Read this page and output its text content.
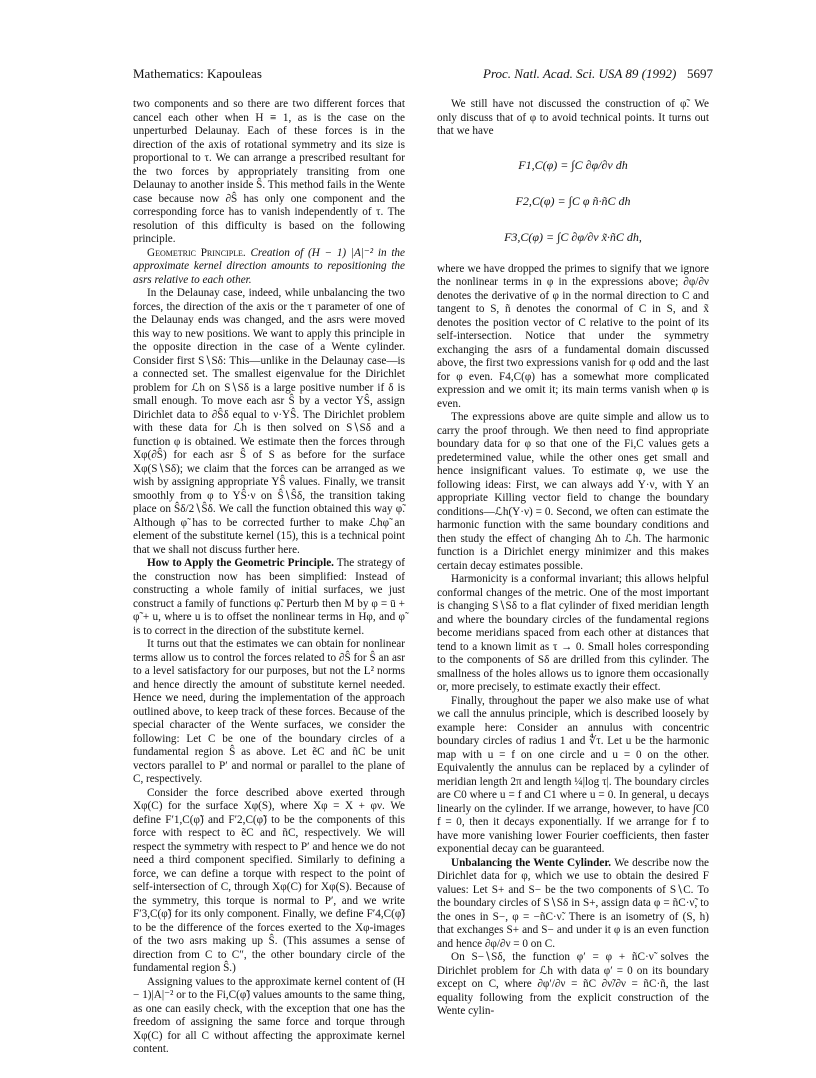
Mathematics: Kapouleas	Proc. Natl. Acad. Sci. USA 89 (1992) 5697

two components and so there are two different forces that cancel each other when H ≡ 1, as is the case on the unperturbed Delaunay. Each of these forces is in the direction of the axis of rotational symmetry and its size is proportional to τ. We can arrange a prescribed resultant for the two forces by appropriately transiting from one Delaunay to another inside Ŝ. This method fails in the Wente case because now ∂Ŝ has only one component and the corresponding force has to vanish independently of τ. The resolution of this difficulty is based on the following principle.

Geometric Principle. Creation of (H − 1) |A|⁻² in the approximate kernel direction amounts to repositioning the asrs relative to each other.

In the Delaunay case, indeed, while unbalancing the two forces, the direction of the axis or the τ parameter of one of the Delaunay ends was changed, and the asrs were moved this way to new positions. We want to apply this principle in the opposite direction in the case of a Wente cylinder. Consider first S∖Sδ: This—unlike in the Delaunay case—is a connected set. The smallest eigenvalue for the Dirichlet problem for ℒh on S∖Sδ is a large positive number if δ is small enough. To move each asr Ŝ by a vector YŜ, assign Dirichlet data to ∂Ŝδ equal to ν·YŜ. The Dirichlet problem with these data for ℒh is then solved on S∖Sδ and a function φ is obtained. We estimate then the forces through Xφ(∂Ŝ) for each asr Ŝ of S as before for the surface Xφ(S∖Sδ); we claim that the forces can be arranged as we wish by assigning appropriate YŜ values. Finally, we transit smoothly from φ to YŜ·ν on Ŝ∖Ŝδ, the transition taking place on Ŝδ/2∖Ŝδ. We call the function obtained this way φ̃. Although φ̃ has to be corrected further to make ℒhφ̃ an element of the substitute kernel (15), this is a technical point that we shall not discuss further here.

How to Apply the Geometric Principle. The strategy of the construction now has been simplified: Instead of constructing a whole family of initial surfaces, we just construct a family of functions φ̃. Perturb then M by φ = ū + φ̃ + u, where u is to offset the nonlinear terms in Hφ, and φ̃ is to correct in the direction of the substitute kernel.

It turns out that the estimates we can obtain for nonlinear terms allow us to control the forces related to ∂Ŝ for Ŝ an asr to a level satisfactory for our purposes, but not the L² norms and hence directly the amount of substitute kernel needed. Hence we need, during the implementation of the approach outlined above, to keep track of these forces. Because of the special character of the Wente surfaces, we consider the following: Let C be one of the boundary circles of a fundamental region Ŝ as above. Let ẽC and ñC be unit vectors parallel to P′ and normal or parallel to the plane of C, respectively.

Consider the force described above exerted through Xφ(C) for the surface Xφ(S), where Xφ = X + φν. We define F′1,C(φ̃) and F′2,C(φ̃) to be the components of this force with respect to ẽC and ñC, respectively. We will respect the symmetry with respect to P′ and hence we do not need a third component specified. Similarly to defining a force, we can define a torque with respect to the point of self-intersection of C, through Xφ(C) for Xφ(S). Because of the symmetry, this torque is normal to P′, and we write F′3,C(φ̃) for its only component. Finally, we define F′4,C(φ̃) to be the difference of the forces exerted to the Xφ-images of the two asrs making up Ŝ. (This assumes a sense of direction from C to C″, the other boundary circle of the fundamental region Ŝ.)

Assigning values to the approximate kernel content of (H − 1)|A|⁻² or to the Fi,C(φ̃) values amounts to the same thing, as one can easily check, with the exception that one has the freedom of assigning the same force and torque through Xφ(C) for all C without affecting the approximate kernel content.

We still have not discussed the construction of φ̃. We only discuss that of φ to avoid technical points. It turns out that we have

F1,C(φ) = ∫C ∂φ/∂ν dh
F2,C(φ) = ∫C φ ñ·ñC dh
F3,C(φ) = ∫C ∂φ/∂ν x̃·ñC dh,

where we have dropped the primes to signify that we ignore the nonlinear terms in φ in the expressions above; ∂φ/∂ν denotes the derivative of φ in the normal direction to C and tangent to S, ñ denotes the conormal of C in S, and x̃ denotes the position vector of C relative to the point of its self-intersection. Notice that under the symmetry exchanging the asrs of a fundamental domain discussed above, the first two expressions vanish for φ odd and the last for φ even. F4,C(φ) has a somewhat more complicated expression and we omit it; its main terms vanish when φ is even.

The expressions above are quite simple and allow us to carry the proof through. We then need to find appropriate boundary data for φ so that one of the Fi,C values gets a predetermined value, while the other ones get small and hence insignificant values. To estimate φ, we use the following ideas: First, we can always add Y·ν, with Y an appropriate Killing vector field to change the boundary conditions—ℒh(Y·ν) = 0. Second, we often can estimate the harmonic function with the same boundary conditions and then study the effect of changing Δh to ℒh. The harmonic function is a Dirichlet energy minimizer and this makes certain decay estimates possible.

Harmonicity is a conformal invariant; this allows helpful conformal changes of the metric. One of the most important is changing S∖Sδ to a flat cylinder of fixed meridian length and where the boundary circles of the fundamental regions become meridians spaced from each other at distances that tend to a known limit as τ → 0. Small holes corresponding to the components of Sδ are drilled from this cylinder. The smallness of the holes allows us to ignore them occasionally or, more precisely, to estimate exactly their effect.

Finally, throughout the paper we also make use of what we call the annulus principle, which is described loosely by example here: Consider an annulus with concentric boundary circles of radius 1 and ∜τ. Let u be the harmonic map with u = f on one circle and u = 0 on the other. Equivalently the annulus can be replaced by a cylinder of meridian length 2π and length ¼|log τ|. The boundary circles are C0 where u = f and C1 where u = 0. In general, u decays linearly on the cylinder. If we arrange, however, to have ∫C0 f = 0, then it decays exponentially. If we arrange for f to have more vanishing lower Fourier coefficients, then faster exponential decay can be guaranteed.

Unbalancing the Wente Cylinder. We describe now the Dirichlet data for φ, which we use to obtain the desired F values: Let S+ and S− be the two components of S∖C. To the boundary circles of S∖Sδ in S+, assign data φ = ñC·ν̃, to the ones in S−, φ = −ñC·ν̃. There is an isometry of (S, h) that exchanges S+ and S− and under it φ is an even function and hence ∂φ/∂ν = 0 on C.

On S−∖Sδ, the function φ′ = φ + ñC·ν̃ solves the Dirichlet problem for ℒh with data φ′ = 0 on its boundary except on C, where ∂φ′/∂ν = ñC ∂ν̃/∂ν = ñC·ñ, the last equality following from the explicit construction of the Wente cylin-
